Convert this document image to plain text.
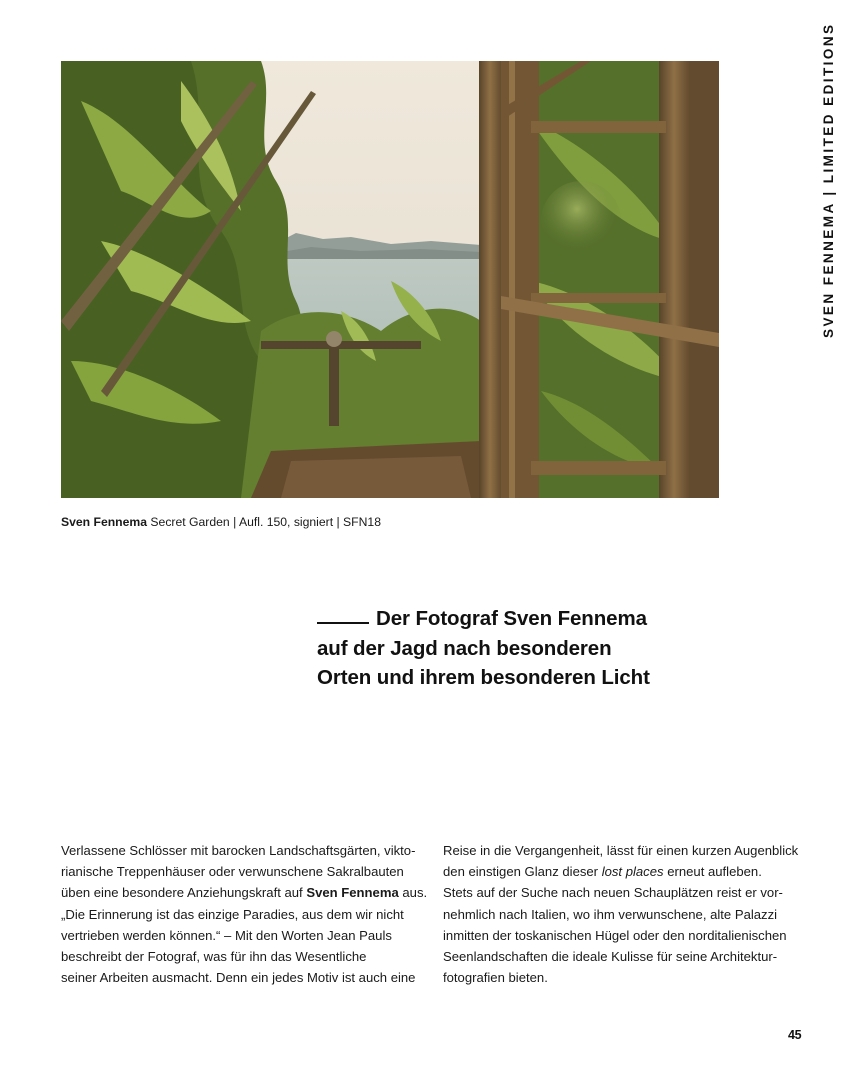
SVEN FENNEMA | LIMITED EDITIONS
Sven Fennema Secret Garden | Aufl. 150, signiert | SFN18
Der Fotograf Sven Fennema
auf der Jagd nach besonderen
Orten und ihrem besonderen Licht
Verlassene Schlösser mit barocken Landschaftsgärten, vikto-
rianische Treppenhäuser oder verwunschene Sakralbauten
üben eine besondere Anziehungskraft auf Sven Fennema aus.
„Die Erinnerung ist das einzige Paradies, aus dem wir nicht
vertrieben werden können.“ – Mit den Worten Jean Pauls
beschreibt der Fotograf, was für ihn das Wesentliche
seiner Arbeiten ausmacht. Denn ein jedes Motiv ist auch eine
Reise in die Vergangenheit, lässt für einen kurzen Augenblick
den einstigen Glanz dieser lost places erneut aufleben.
Stets auf der Suche nach neuen Schauplätzen reist er vor-
nehmlich nach Italien, wo ihm verwunschene, alte Palazzi
inmitten der toskanischen Hügel oder den norditalienischen
Seenlandschaften die ideale Kulisse für seine Architektur-
fotografien bieten.
45
